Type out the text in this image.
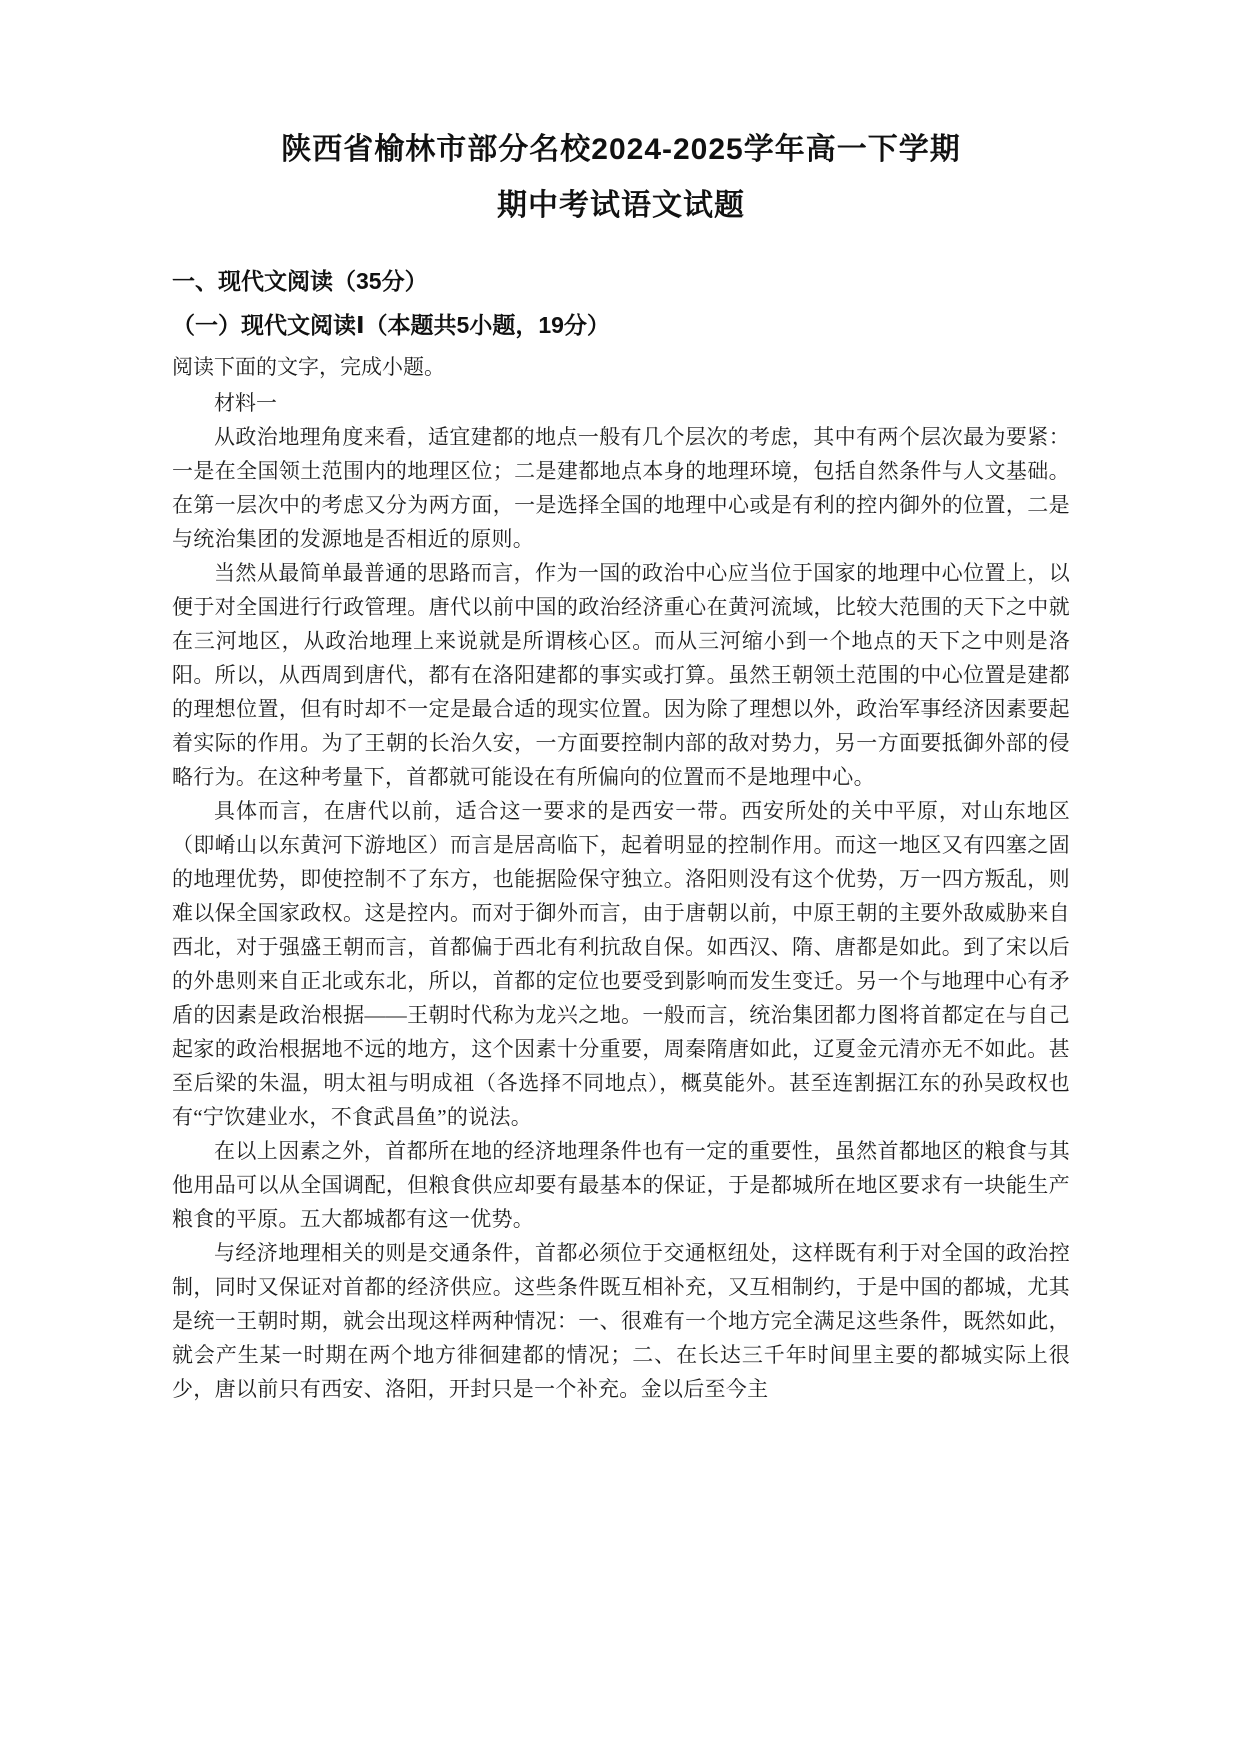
陕西省榆林市部分名校2024-2025学年高一下学期
期中考试语文试题
一、现代文阅读（35分）
（一）现代文阅读Ⅰ（本题共5小题，19分）
阅读下面的文字，完成小题。
材料一

从政治地理角度来看，适宜建都的地点一般有几个层次的考虑，其中有两个层次最为要紧：一是在全国领土范围内的地理区位；二是建都地点本身的地理环境，包括自然条件与人文基础。在第一层次中的考虑又分为两方面，一是选择全国的地理中心或是有利的控内御外的位置，二是与统治集团的发源地是否相近的原则。

当然从最简单最普通的思路而言，作为一国的政治中心应当位于国家的地理中心位置上，以便于对全国进行行政管理。唐代以前中国的政治经济重心在黄河流域，比较大范围的天下之中就在三河地区，从政治地理上来说就是所谓核心区。而从三河缩小到一个地点的天下之中则是洛阳。所以，从西周到唐代，都有在洛阳建都的事实或打算。虽然王朝领土范围的中心位置是建都的理想位置，但有时却不一定是最合适的现实位置。因为除了理想以外，政治军事经济因素要起着实际的作用。为了王朝的长治久安，一方面要控制内部的敌对势力，另一方面要抵御外部的侵略行为。在这种考量下，首都就可能设在有所偏向的位置而不是地理中心。

具体而言，在唐代以前，适合这一要求的是西安一带。西安所处的关中平原，对山东地区（即崤山以东黄河下游地区）而言是居高临下，起着明显的控制作用。而这一地区又有四塞之固的地理优势，即使控制不了东方，也能据险保守独立。洛阳则没有这个优势，万一四方叛乱，则难以保全国家政权。这是控内。而对于御外而言，由于唐朝以前，中原王朝的主要外敌威胁来自西北，对于强盛王朝而言，首都偏于西北有利抗敌自保。如西汉、隋、唐都是如此。到了宋以后的外患则来自正北或东北，所以，首都的定位也要受到影响而发生变迁。另一个与地理中心有矛盾的因素是政治根据——王朝时代称为龙兴之地。一般而言，统治集团都力图将首都定在与自己起家的政治根据地不远的地方，这个因素十分重要，周秦隋唐如此，辽夏金元清亦无不如此。甚至后梁的朱温，明太祖与明成祖（各选择不同地点），概莫能外。甚至连割据江东的孙吴政权也有“宁饮建业水，不食武昌鱼”的说法。

在以上因素之外，首都所在地的经济地理条件也有一定的重要性，虽然首都地区的粮食与其他用品可以从全国调配，但粮食供应却要有最基本的保证，于是都城所在地区要求有一块能生产粮食的平原。五大都城都有这一优势。

与经济地理相关的则是交通条件，首都必须位于交通枢纽处，这样既有利于对全国的政治控制，同时又保证对首都的经济供应。这些条件既互相补充，又互相制约，于是中国的都城，尤其是统一王朝时期，就会出现这样两种情况：一、很难有一个地方完全满足这些条件，既然如此，就会产生某一时期在两个地方徘徊建都的情况；二、在长达三千年时间里主要的都城实际上很少，唐以前只有西安、洛阳，开封只是一个补充。金以后至今主
